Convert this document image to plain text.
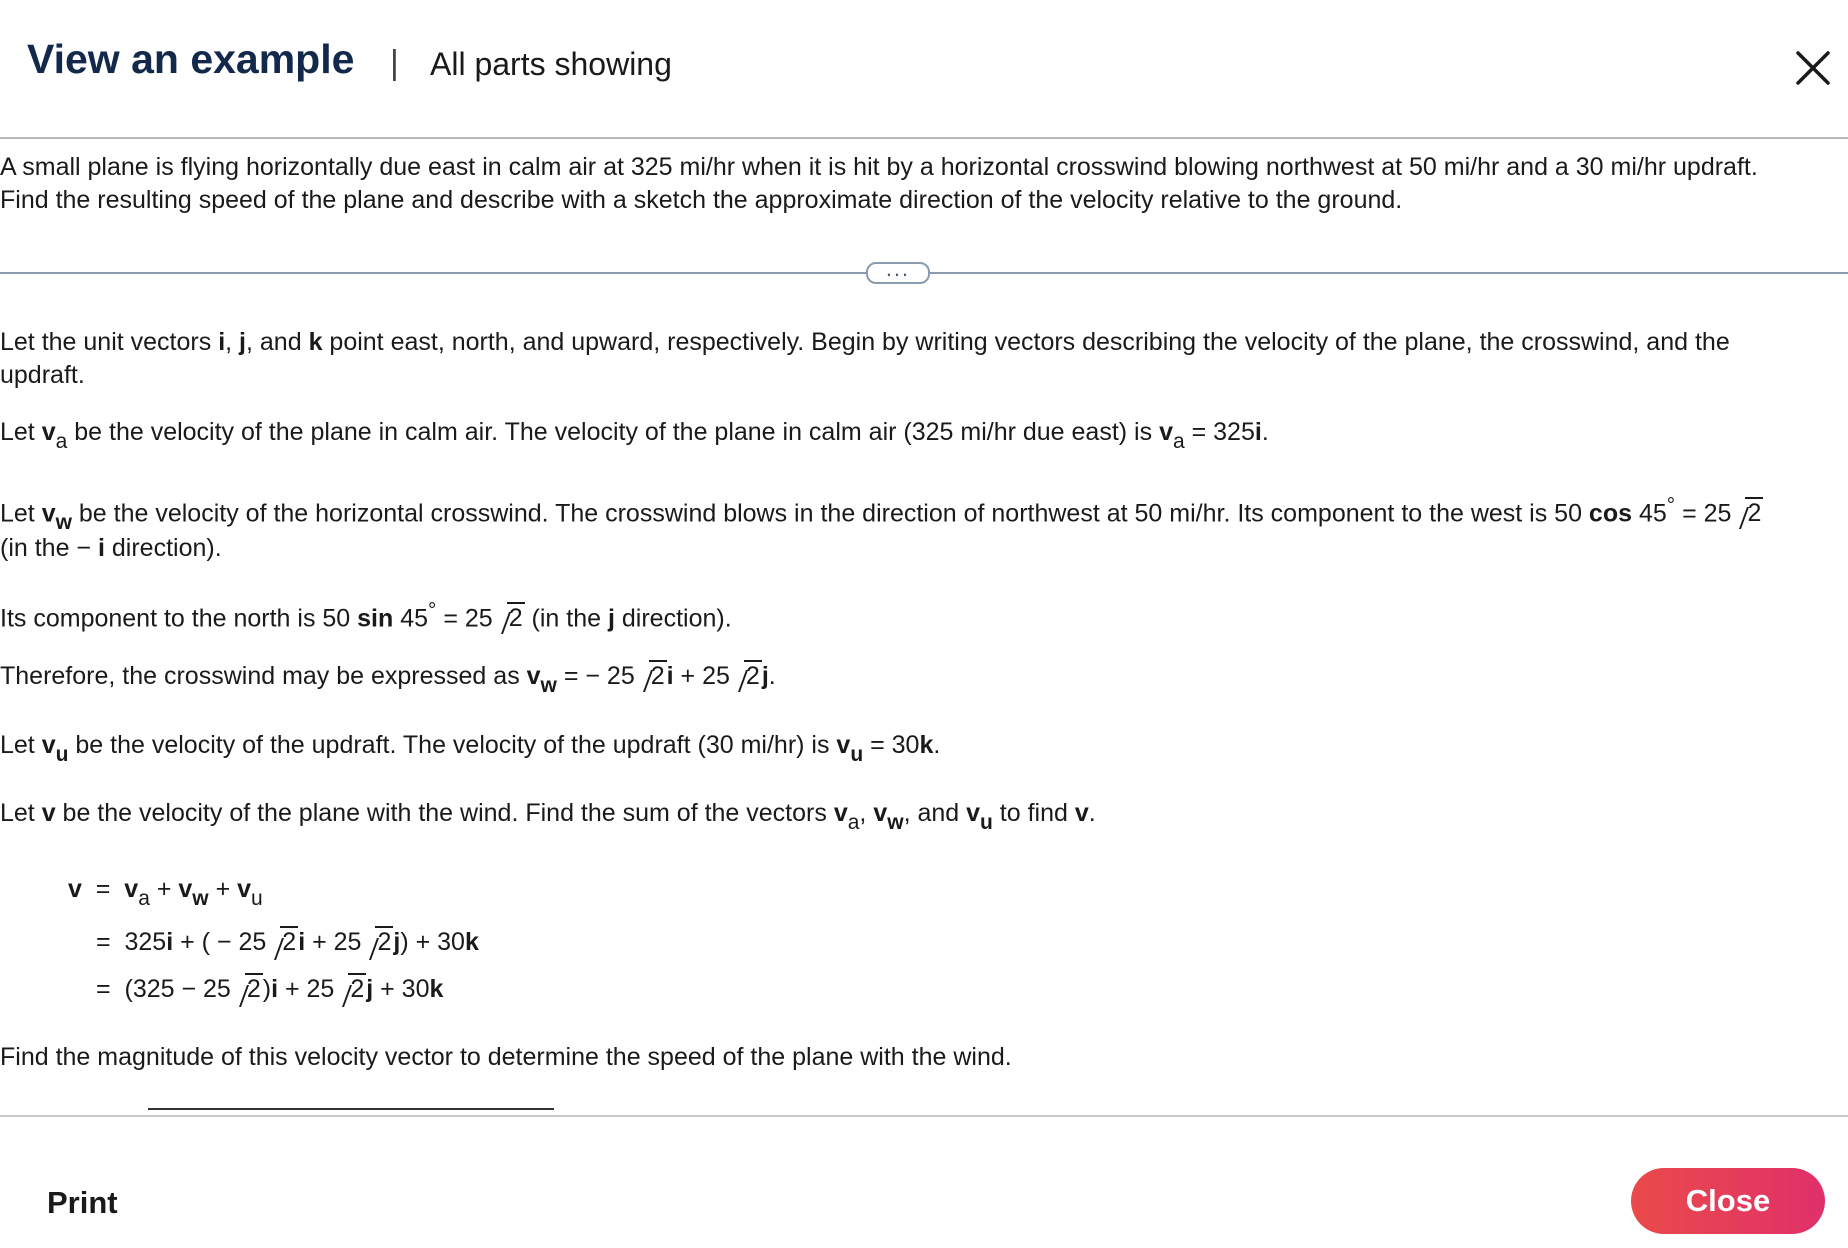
View an example | All parts showing
A small plane is flying horizontally due east in calm air at 325 mi/hr when it is hit by a horizontal crosswind blowing northwest at 50 mi/hr and a 30 mi/hr updraft.
Find the resulting speed of the plane and describe with a sketch the approximate direction of the velocity relative to the ground.
...
Let the unit vectors i, j, and k point east, north, and upward, respectively. Begin by writing vectors describing the velocity of the plane, the crosswind, and the
updraft.
Let $v_a$ be the velocity of the plane in calm air. The velocity of the plane in calm air (325 mi/hr due east) is $v_a = 325i$.
Let $v_w$ be the velocity of the horizontal crosswind. The crosswind blows in the direction of northwest at 50 mi/hr. Its component to the west is 50 cos 45° = 25 2
(in the − i direction).
Its component to the north is 50 sin 45° = 25 2 (in the j direction).
Therefore, the crosswind may be expressed as $v_w$ = − 25 2i + 25 2j.
Let $v_u$ be the velocity of the updraft. The velocity of the updraft (30 mi/hr) is $v_u = 30k$.
Let v be the velocity of the plane with the wind. Find the sum of the vectors $v_a$, $v_w$, and $v_u$ to find v.
$v = v_a + v_w + v_u$
=  325i + ( − 25 2i + 25 2j) + 30k
=  (325 − 25 2)i + 25 2j + 30k
Find the magnitude of this velocity vector to determine the speed of the plane with the wind.
Print	Close
